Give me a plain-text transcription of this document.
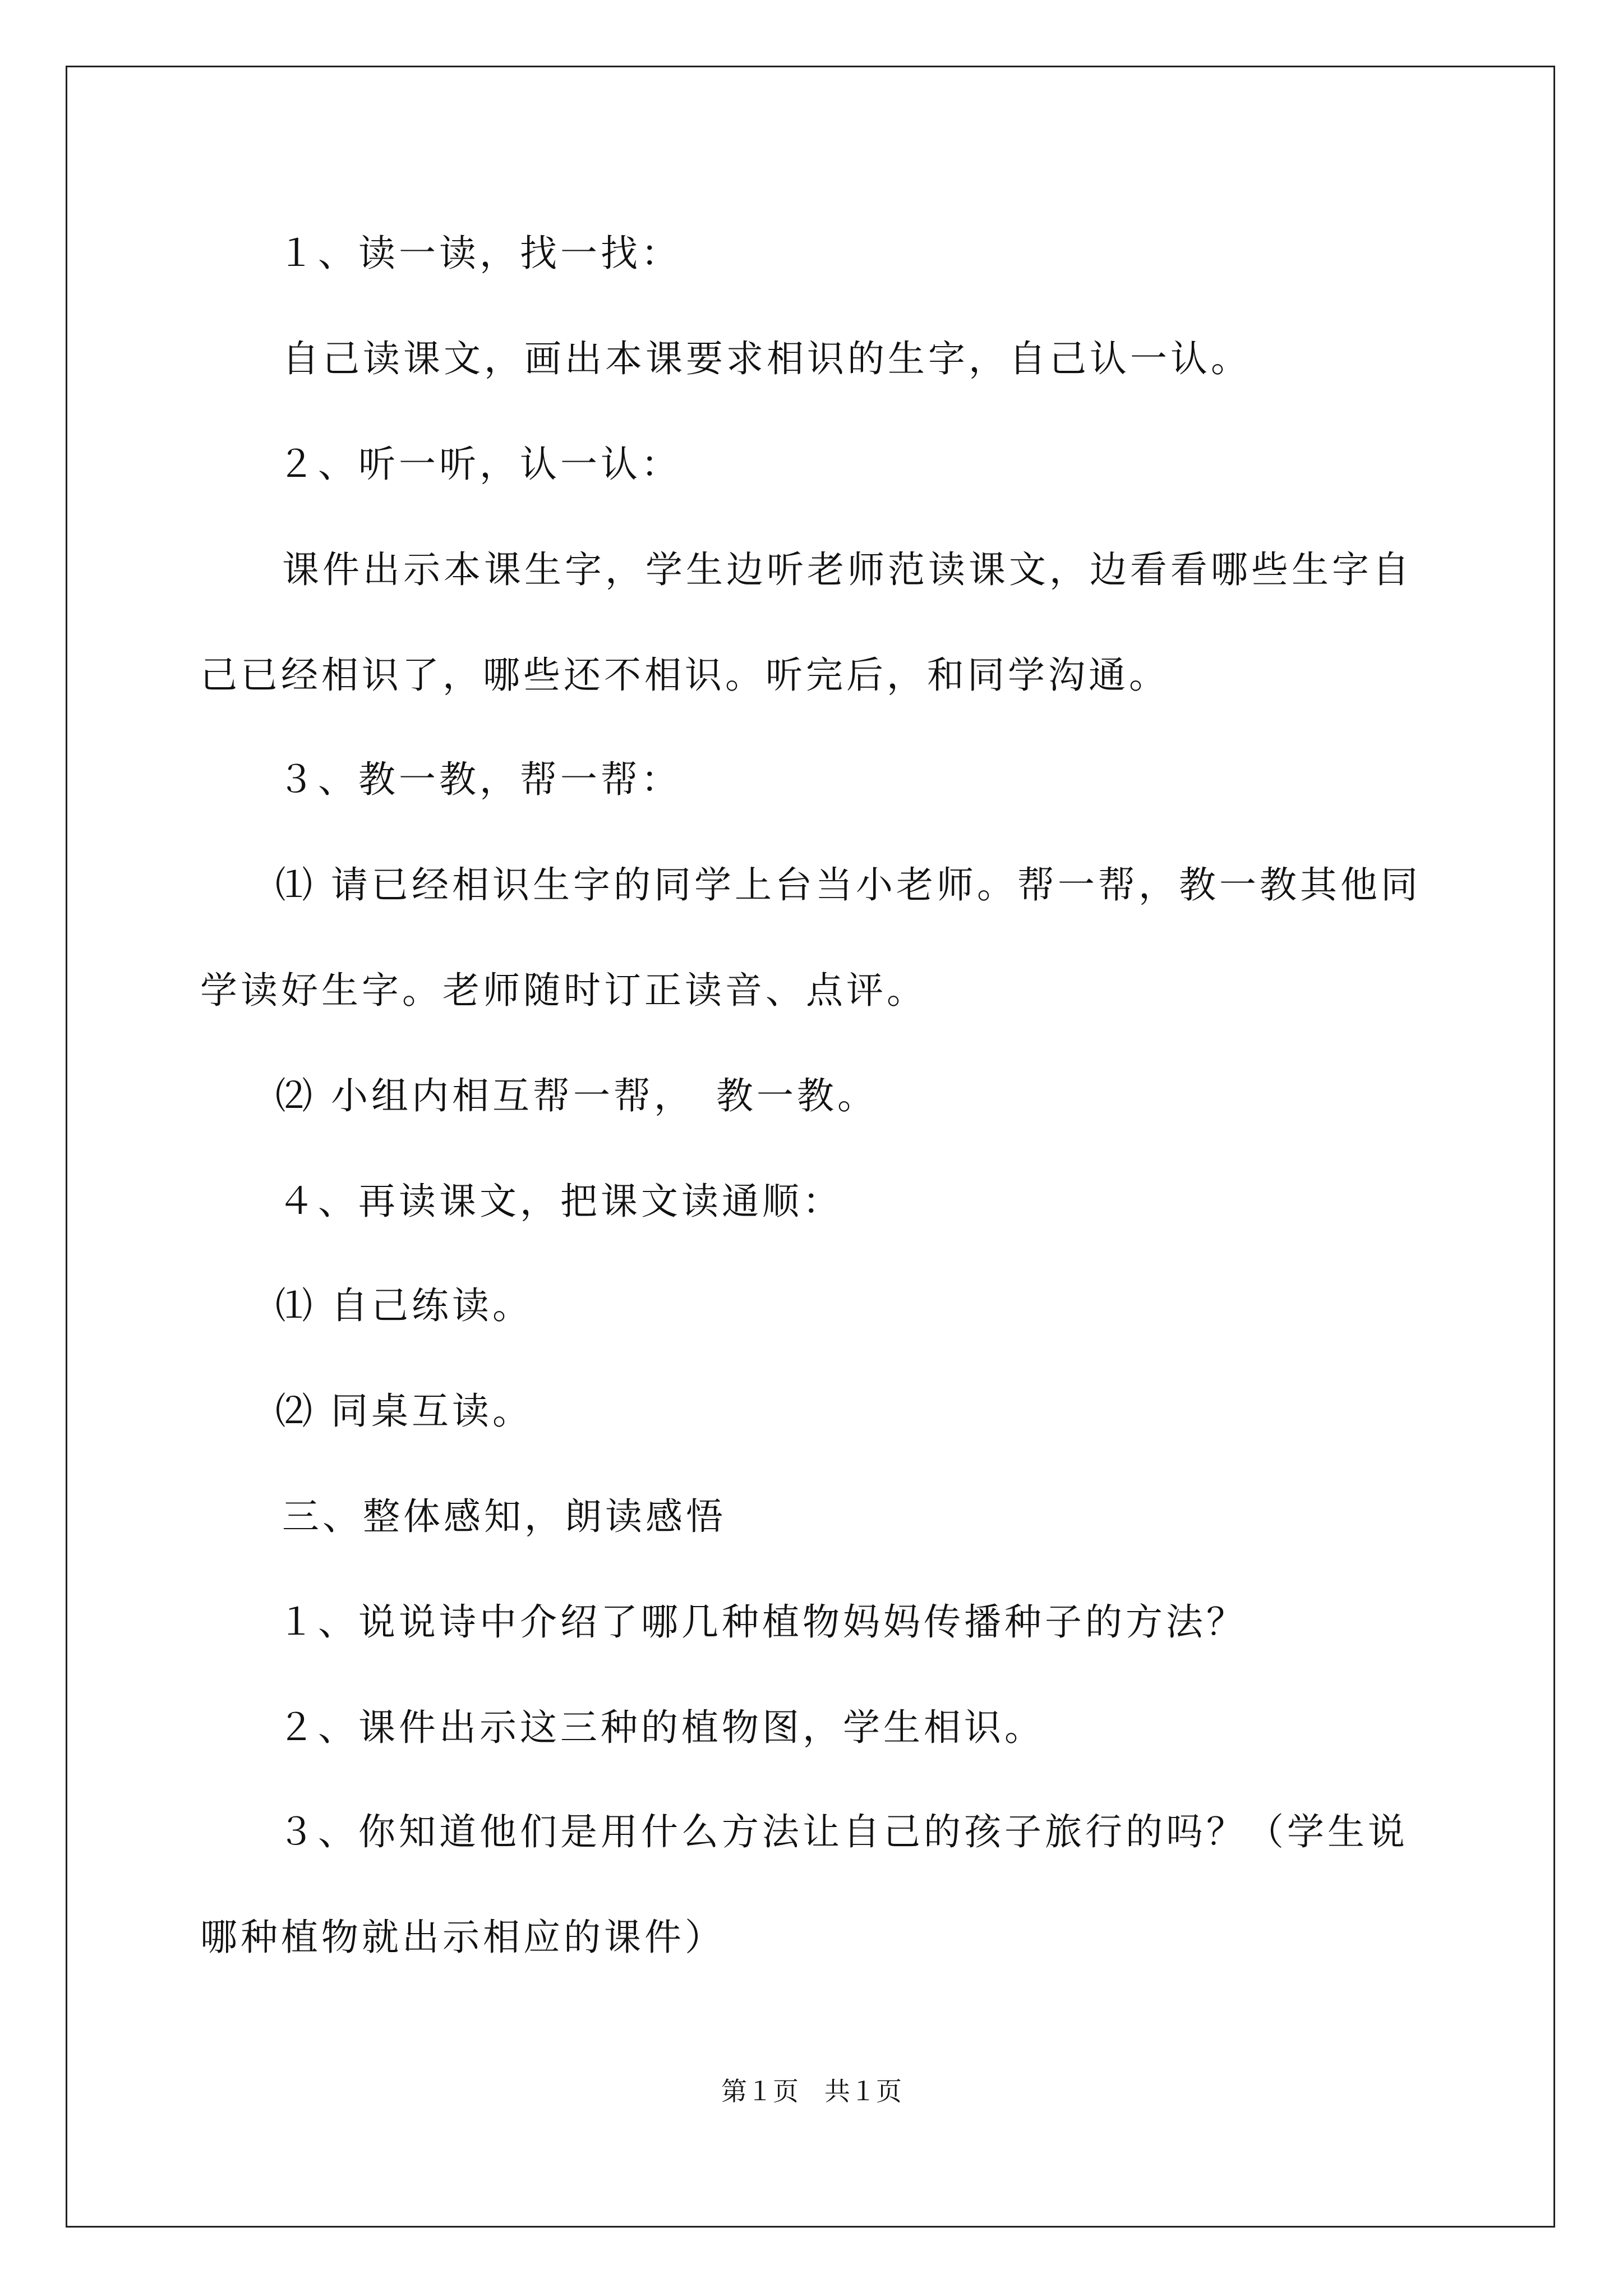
１、读一读，找一找：
自己读课文，画出本课要求相识的生字，自己认一认。
２、听一听，认一认：
课件出示本课生字，学生边听老师范读课文，边看看哪些生字自
己已经相识了，哪些还不相识。听完后，和同学沟通。
３、教一教，帮一帮：
⑴ 请已经相识生字的同学上台当小老师。帮一帮，教一教其他同
学读好生字。老师随时订正读音、点评。
⑵ 小组内相互帮一帮，　教一教。
４、再读课文，把课文读通顺：
⑴ 自己练读。
⑵ 同桌互读。
三、整体感知，朗读感悟
１、说说诗中介绍了哪几种植物妈妈传播种子的方法？
２、课件出示这三种的植物图，学生相识。
３、你知道他们是用什么方法让自己的孩子旅行的吗？（学生说
哪种植物就出示相应的课件）
第１页　共１页
